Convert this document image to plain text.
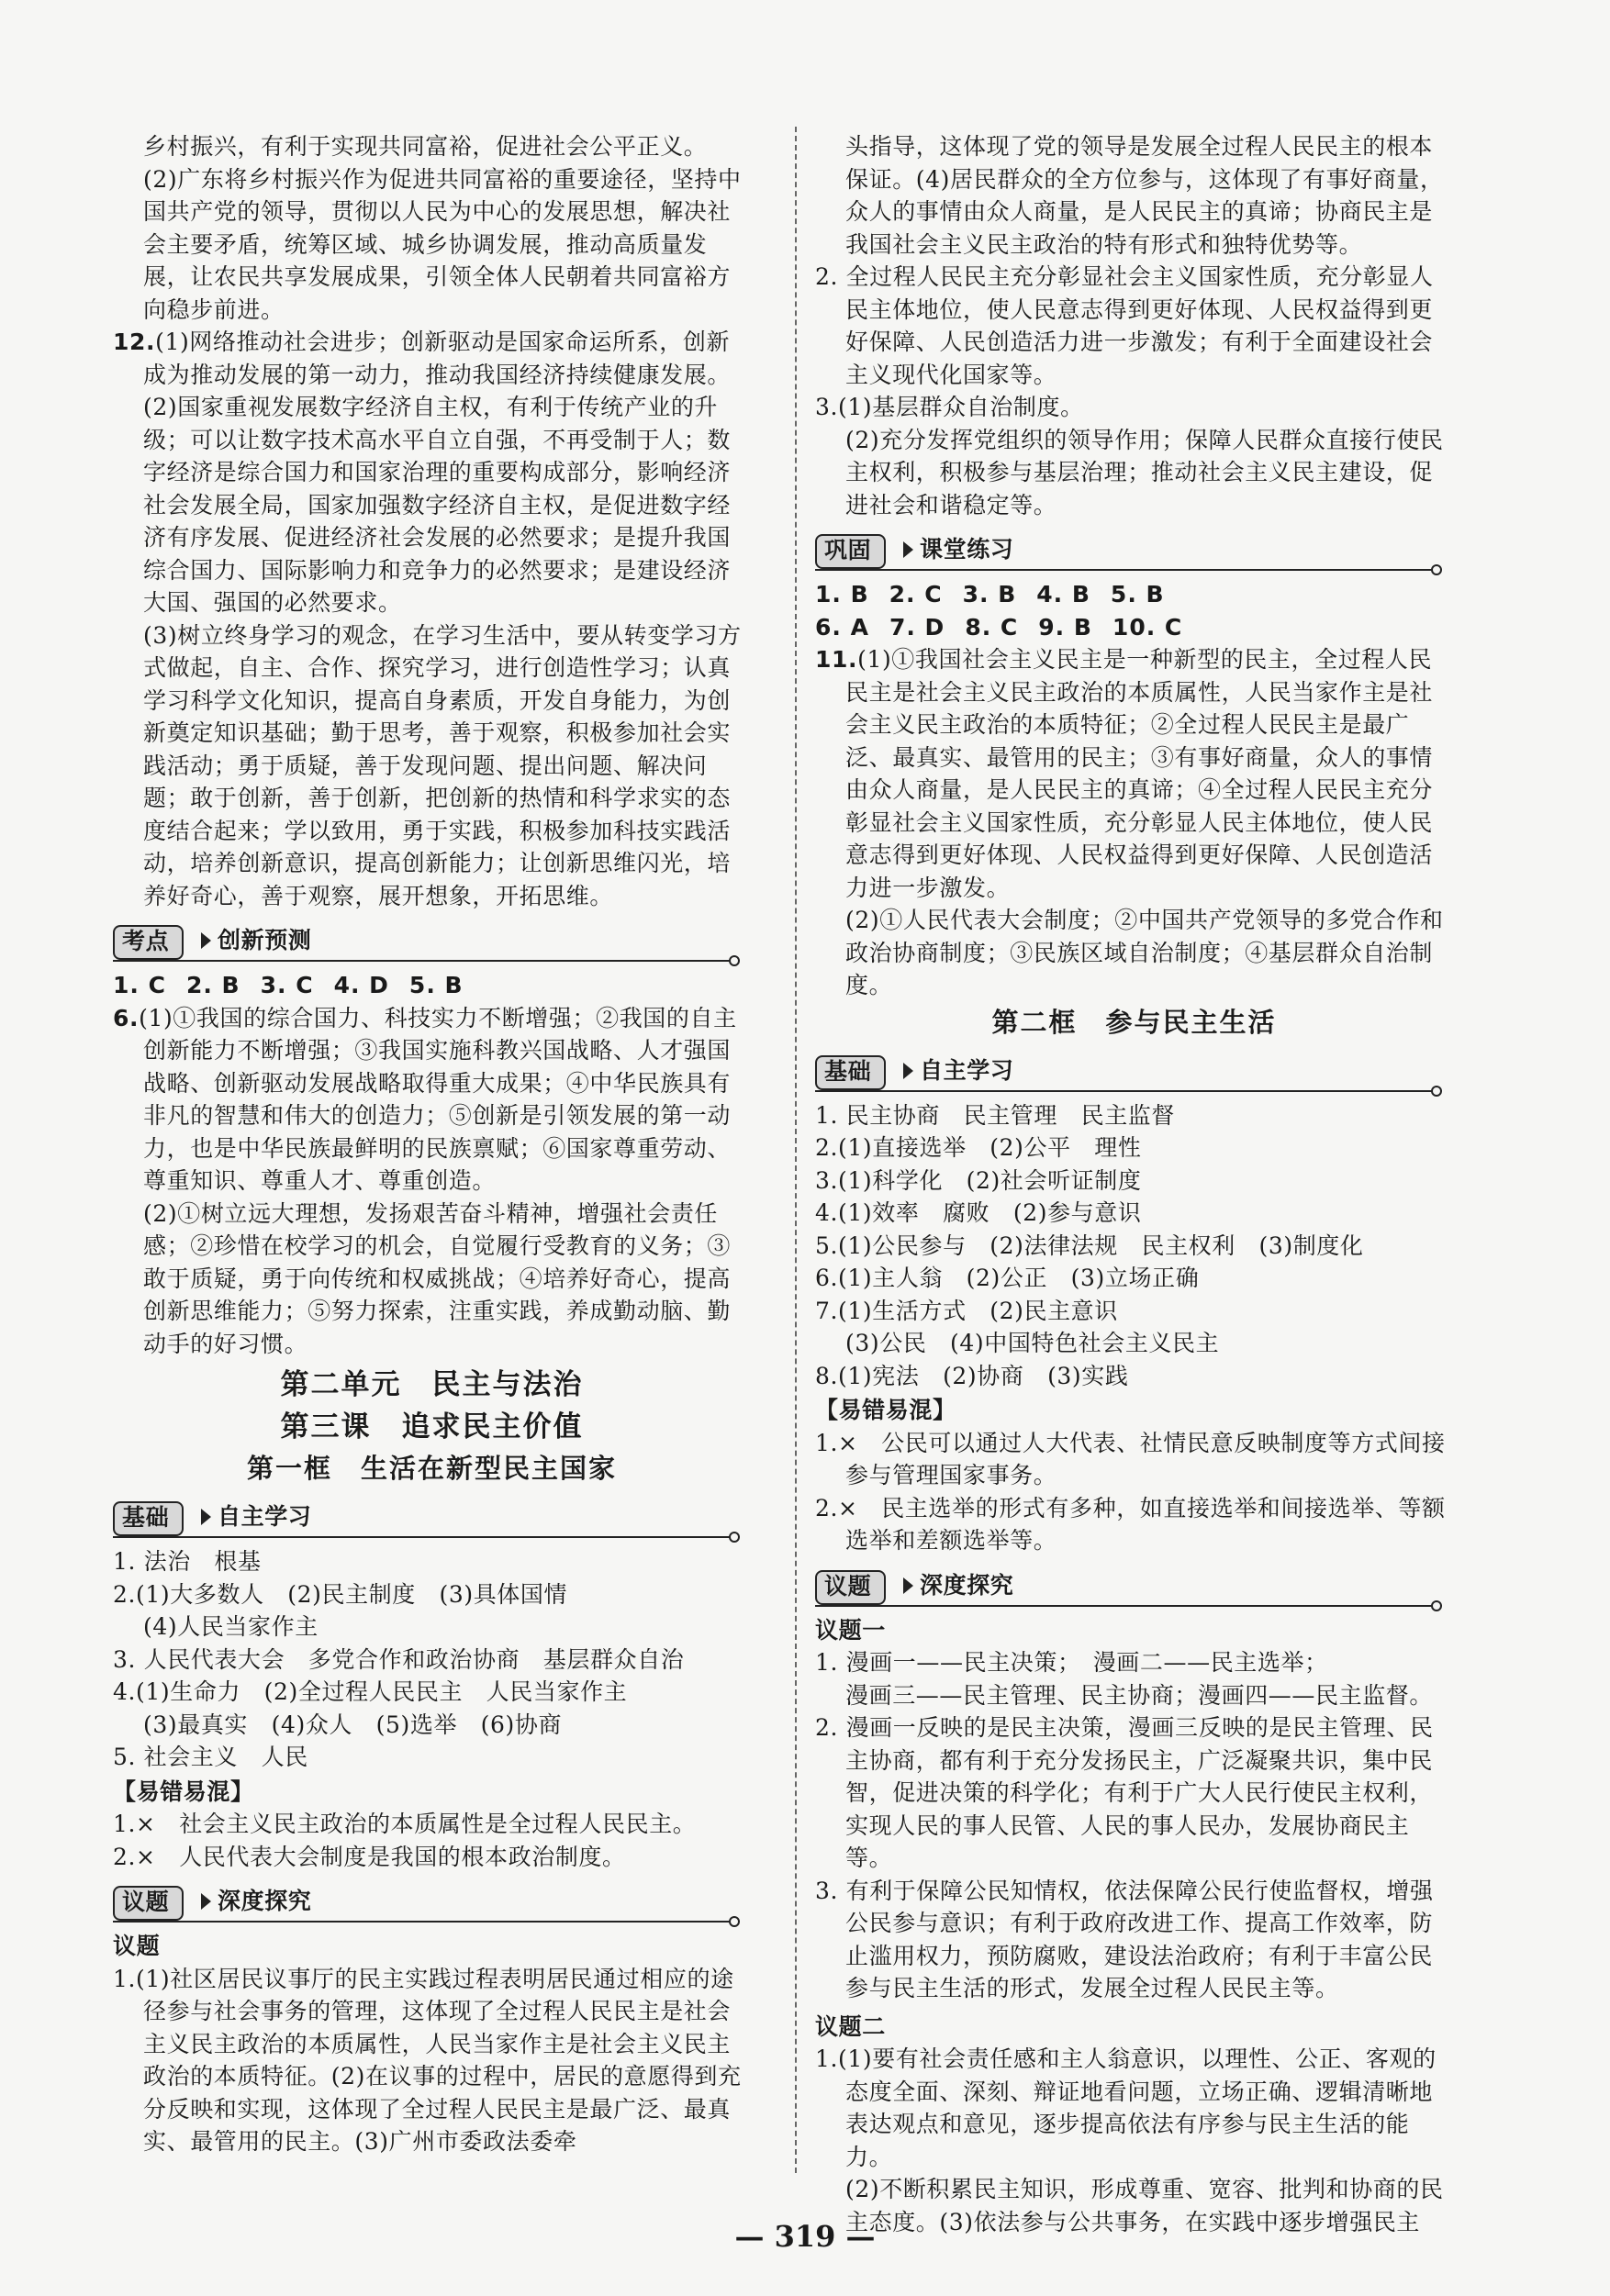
乡村振兴，有利于实现共同富裕，促进社会公平正义。

(2)广东将乡村振兴作为促进共同富裕的重要途径，坚持中国共产党的领导，贯彻以人民为中心的发展思想，解决社会主要矛盾，统筹区域、城乡协调发展，推动高质量发展，让农民共享发展成果，引领全体人民朝着共同富裕方向稳步前进。

12.(1)网络推动社会进步；创新驱动是国家命运所系，创新成为推动发展的第一动力，推动我国经济持续健康发展。

(2)国家重视发展数字经济自主权，有利于传统产业的升级；可以让数字技术高水平自立自强，不再受制于人；数字经济是综合国力和国家治理的重要构成部分，影响经济社会发展全局，国家加强数字经济自主权，是促进数字经济有序发展、促进经济社会发展的必然要求；是提升我国综合国力、国际影响力和竞争力的必然要求；是建设经济大国、强国的必然要求。

(3)树立终身学习的观念，在学习生活中，要从转变学习方式做起，自主、合作、探究学习，进行创造性学习；认真学习科学文化知识，提高自身素质，开发自身能力，为创新奠定知识基础；勤于思考，善于观察，积极参加社会实践活动；勇于质疑，善于发现问题、提出问题、解决问题；敢于创新，善于创新，把创新的热情和科学求实的态度结合起来；学以致用，勇于实践，积极参加科技实践活动，培养创新意识，提高创新能力；让创新思维闪光，培养好奇心，善于观察，展开想象，开拓思维。

考点	创新预测

1. C 2. B 3. C 4. D 5. B

6.(1)①我国的综合国力、科技实力不断增强；②我国的自主创新能力不断增强；③我国实施科教兴国战略、人才强国战略、创新驱动发展战略取得重大成果；④中华民族具有非凡的智慧和伟大的创造力；⑤创新是引领发展的第一动力，也是中华民族最鲜明的民族禀赋；⑥国家尊重劳动、尊重知识、尊重人才、尊重创造。

(2)①树立远大理想，发扬艰苦奋斗精神，增强社会责任感；②珍惜在校学习的机会，自觉履行受教育的义务；③敢于质疑，勇于向传统和权威挑战；④培养好奇心，提高创新思维能力；⑤努力探索，注重实践，养成勤动脑、勤动手的好习惯。

第二单元　民主与法治

第三课　追求民主价值

第一框　生活在新型民主国家

基础	自主学习

1. 法治　根基

2.(1)大多数人　(2)民主制度　(3)具体国情

(4)人民当家作主

3. 人民代表大会　多党合作和政治协商　基层群众自治

4.(1)生命力　(2)全过程人民民主　人民当家作主

(3)最真实　(4)众人　(5)选举　(6)协商

5. 社会主义　人民

【易错易混】

1.×　社会主义民主政治的本质属性是全过程人民民主。

2.×　人民代表大会制度是我国的根本政治制度。

议题	深度探究

议题

1.(1)社区居民议事厅的民主实践过程表明居民通过相应的途径参与社会事务的管理，这体现了全过程人民民主是社会主义民主政治的本质属性，人民当家作主是社会主义民主政治的本质特征。(2)在议事的过程中，居民的意愿得到充分反映和实现，这体现了全过程人民民主是最广泛、最真实、最管用的民主。(3)广州市委政法委牵

头指导，这体现了党的领导是发展全过程人民民主的根本保证。(4)居民群众的全方位参与，这体现了有事好商量，众人的事情由众人商量，是人民民主的真谛；协商民主是我国社会主义民主政治的特有形式和独特优势等。

2. 全过程人民民主充分彰显社会主义国家性质，充分彰显人民主体地位，使人民意志得到更好体现、人民权益得到更好保障、人民创造活力进一步激发；有利于全面建设社会主义现代化国家等。

3.(1)基层群众自治制度。

(2)充分发挥党组织的领导作用；保障人民群众直接行使民主权利，积极参与基层治理；推动社会主义民主建设，促进社会和谐稳定等。

巩固	课堂练习

1. B 2. C 3. B 4. B 5. B

6. A 7. D 8. C 9. B 10. C

11.(1)①我国社会主义民主是一种新型的民主，全过程人民民主是社会主义民主政治的本质属性，人民当家作主是社会主义民主政治的本质特征；②全过程人民民主是最广泛、最真实、最管用的民主；③有事好商量，众人的事情由众人商量，是人民民主的真谛；④全过程人民民主充分彰显社会主义国家性质，充分彰显人民主体地位，使人民意志得到更好体现、人民权益得到更好保障、人民创造活力进一步激发。

(2)①人民代表大会制度；②中国共产党领导的多党合作和政治协商制度；③民族区域自治制度；④基层群众自治制度。

第二框　参与民主生活

基础	自主学习

1. 民主协商　民主管理　民主监督

2.(1)直接选举　(2)公平　理性

3.(1)科学化　(2)社会听证制度

4.(1)效率　腐败　(2)参与意识

5.(1)公民参与　(2)法律法规　民主权利　(3)制度化

6.(1)主人翁　(2)公正　(3)立场正确

7.(1)生活方式　(2)民主意识

(3)公民　(4)中国特色社会主义民主

8.(1)宪法　(2)协商　(3)实践

【易错易混】

1.×　公民可以通过人大代表、社情民意反映制度等方式间接参与管理国家事务。

2.×　民主选举的形式有多种，如直接选举和间接选举、等额选举和差额选举等。

议题	深度探究

议题一

1. 漫画一——民主决策；　漫画二——民主选举；

漫画三——民主管理、民主协商；漫画四——民主监督。

2. 漫画一反映的是民主决策，漫画三反映的是民主管理、民主协商，都有利于充分发扬民主，广泛凝聚共识，集中民智，促进决策的科学化；有利于广大人民行使民主权利，实现人民的事人民管、人民的事人民办，发展协商民主等。

3. 有利于保障公民知情权，依法保障公民行使监督权，增强公民参与意识；有利于政府改进工作、提高工作效率，防止滥用权力，预防腐败，建设法治政府；有利于丰富公民参与民主生活的形式，发展全过程人民民主等。

议题二

1.(1)要有社会责任感和主人翁意识，以理性、公正、客观的态度全面、深刻、辩证地看问题，立场正确、逻辑清晰地表达观点和意见，逐步提高依法有序参与民主生活的能力。

(2)不断积累民主知识，形成尊重、宽容、批判和协商的民主态度。(3)依法参与公共事务，在实践中逐步增强民主

— 319 —
